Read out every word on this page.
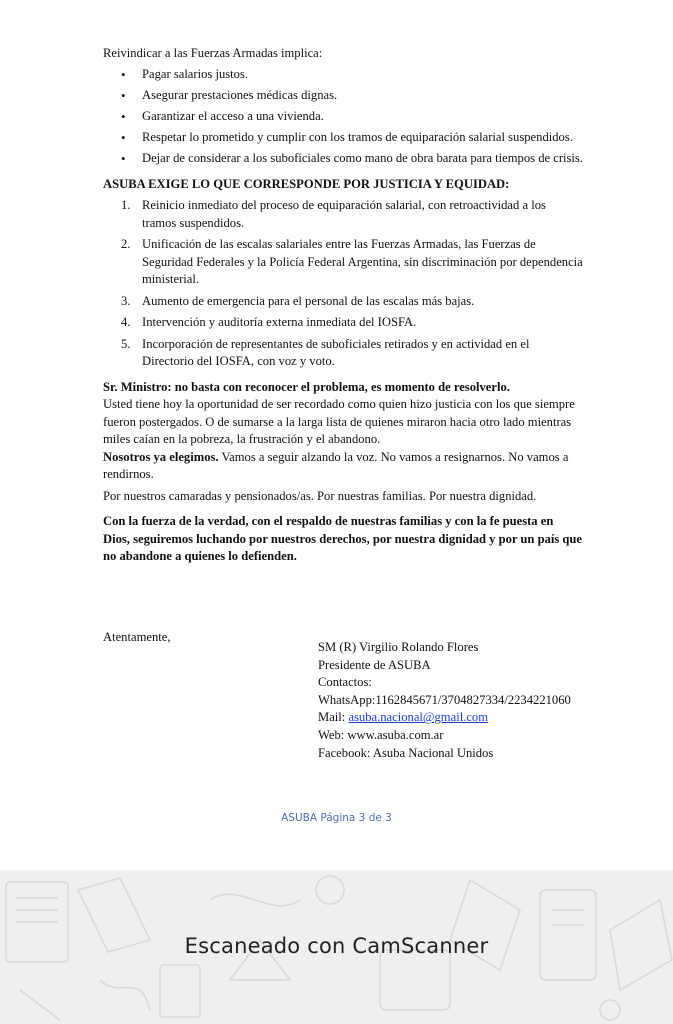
Reivindicar a las Fuerzas Armadas implica:

• Pagar salarios justos.
• Asegurar prestaciones médicas dignas.
• Garantizar el acceso a una vivienda.
• Respetar lo prometido y cumplir con los tramos de equiparación salarial suspendidos.
• Dejar de considerar a los suboficiales como mano de obra barata para tiempos de crisis.

ASUBA EXIGE LO QUE CORRESPONDE POR JUSTICIA Y EQUIDAD:

1. Reinicio inmediato del proceso de equiparación salarial, con retroactividad a los tramos suspendidos.
2. Unificación de las escalas salariales entre las Fuerzas Armadas, las Fuerzas de Seguridad Federales y la Policía Federal Argentina, sin discriminación por dependencia ministerial.
3. Aumento de emergencia para el personal de las escalas más bajas.
4. Intervención y auditoría externa inmediata del IOSFA.
5. Incorporación de representantes de suboficiales retirados y en actividad en el Directorio del IOSFA, con voz y voto.

Sr. Ministro: no basta con reconocer el problema, es momento de resolverlo.

Usted tiene hoy la oportunidad de ser recordado como quien hizo justicia con los que siempre fueron postergados. O de sumarse a la larga lista de quienes miraron hacia otro lado mientras miles caían en la pobreza, la frustración y el abandono.

Nosotros ya elegimos. Vamos a seguir alzando la voz. No vamos a resignarnos. No vamos a rendirnos.

Por nuestros camaradas y pensionados/as. Por nuestras familias. Por nuestra dignidad.

Con la fuerza de la verdad, con el respaldo de nuestras familias y con la fe puesta en Dios, seguiremos luchando por nuestros derechos, por nuestra dignidad y por un país que no abandone a quienes lo defienden.

Atentamente,

SM (R) Virgilio Rolando Flores
Presidente de ASUBA
Contactos:
WhatsApp:1162845671/3704827334/2234221060
Mail: asuba.nacional@gmail.com
Web: www.asuba.com.ar
Facebook: Asuba Nacional Unidos
ASUBA Página 3 de 3
Escaneado con CamScanner
